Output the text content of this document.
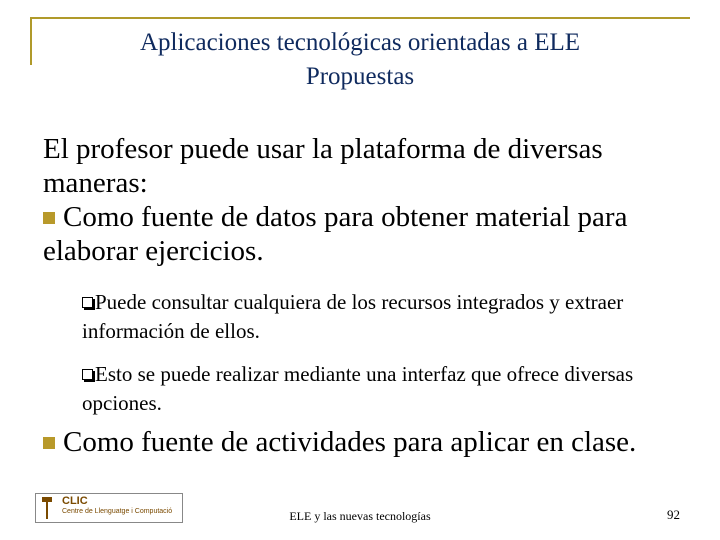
Aplicaciones tecnológicas orientadas a ELE
Propuestas
El profesor puede usar la plataforma de diversas maneras:
Como fuente de datos para obtener material para elaborar ejercicios.
Puede consultar cualquiera de los recursos integrados y extraer información de ellos.
Esto se puede realizar mediante una interfaz que ofrece diversas opciones.
Como fuente de actividades para aplicar en clase.
CLIC
Centre de Llenguatge i Computació	ELE y las nuevas tecnologías	92
